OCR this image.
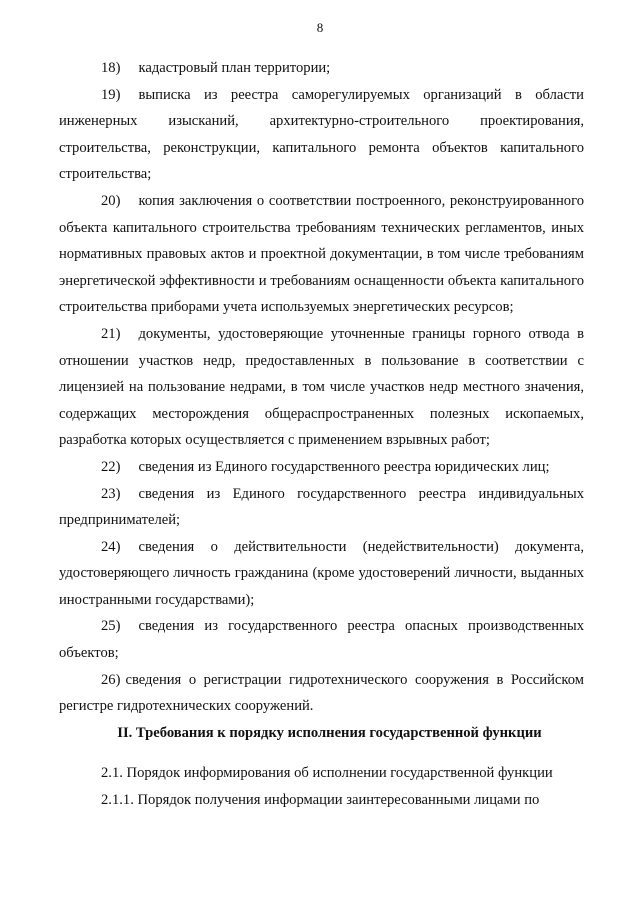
8

18) кадастровый план территории;

19) выписка из реестра саморегулируемых организаций в области инженерных изысканий, архитектурно-строительного проектирования, строительства, реконструкции, капитального ремонта объектов капитального строительства;

20) копия заключения о соответствии построенного, реконструированного объекта капитального строительства требованиям технических регламентов, иных нормативных правовых актов и проектной документации, в том числе требованиям энергетической эффективности и требованиям оснащенности объекта капитального строительства приборами учета используемых энергетических ресурсов;

21) документы, удостоверяющие уточненные границы горного отвода в отношении участков недр, предоставленных в пользование в соответствии с лицензией на пользование недрами, в том числе участков недр местного значения, содержащих месторождения общераспространенных полезных ископаемых, разработка которых осуществляется с применением взрывных работ;

22) сведения из Единого государственного реестра юридических лиц;

23) сведения из Единого государственного реестра индивидуальных предпринимателей;

24) сведения о действительности (недействительности) документа, удостоверяющего личность гражданина (кроме удостоверений личности, выданных иностранными государствами);

25) сведения из государственного реестра опасных производственных объектов;

26) сведения о регистрации гидротехнического сооружения в Российском регистре гидротехнических сооружений.

II. Требования к порядку исполнения государственной функции

2.1. Порядок информирования об исполнении государственной функции

2.1.1. Порядок получения информации заинтересованными лицами по
